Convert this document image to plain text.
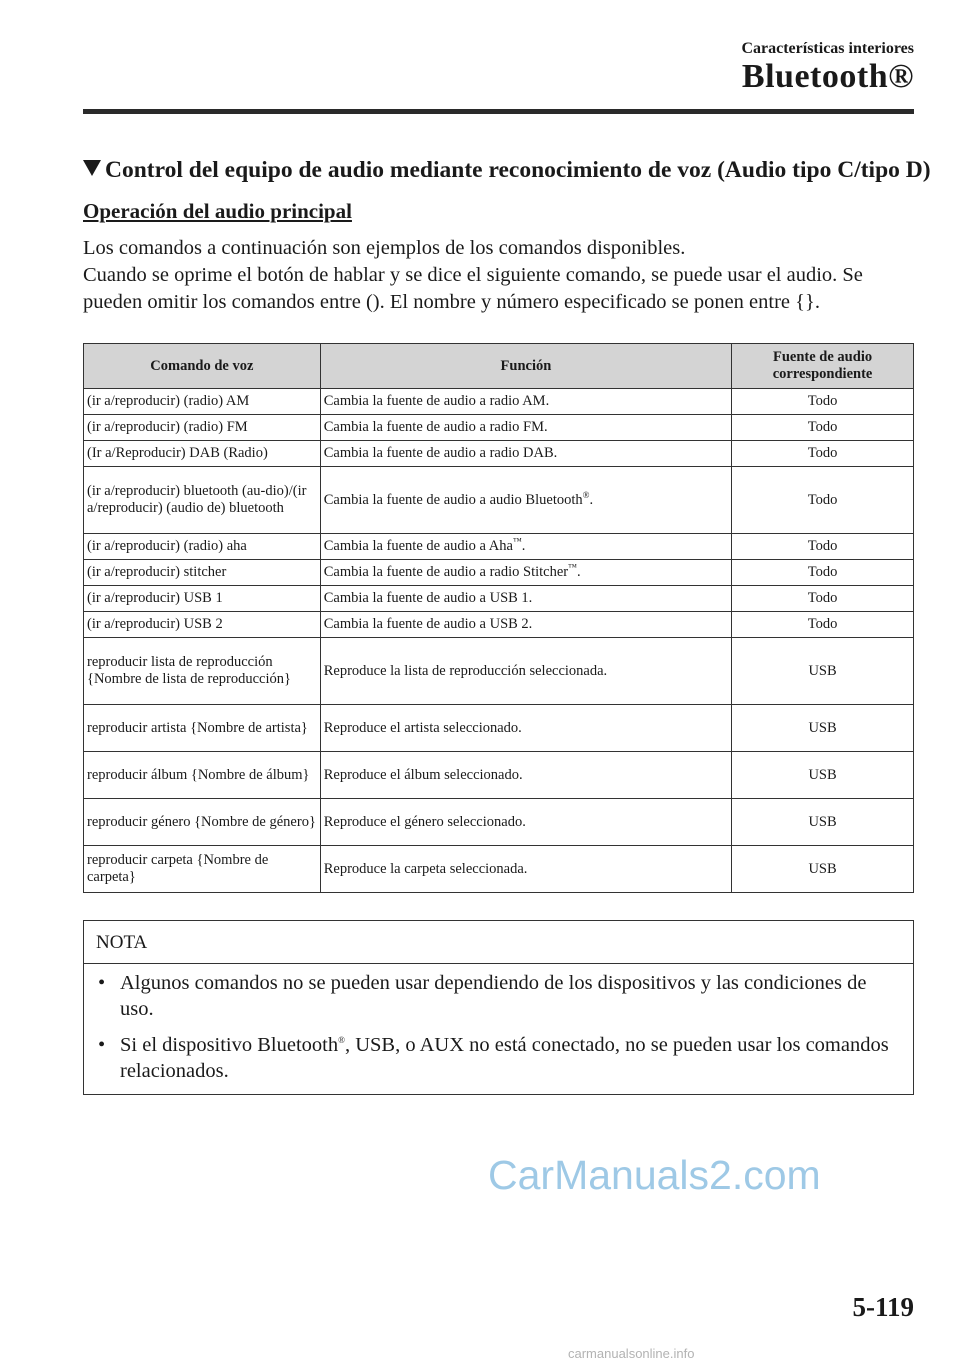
Características interiores
Bluetooth®
Control del equipo de audio mediante reconocimiento de voz (Audio tipo C/tipo D)
Operación del audio principal

Los comandos a continuación son ejemplos de los comandos disponibles.

Cuando se oprime el botón de hablar y se dice el siguiente comando, se puede usar el audio. Se pueden omitir los comandos entre (). El nombre y número especificado se ponen entre {}.

Comando de voz	Función	Fuente de audio correspondiente
(ir a/reproducir) (radio) AM	Cambia la fuente de audio a radio AM.	Todo
(ir a/reproducir) (radio) FM	Cambia la fuente de audio a radio FM.	Todo
(Ir a/Reproducir) DAB (Radio)	Cambia la fuente de audio a radio DAB.	Todo
(ir a/reproducir) bluetooth (au-dio)/(ir a/reproducir) (audio de) bluetooth	Cambia la fuente de audio a audio Bluetooth®.	Todo
(ir a/reproducir) (radio) aha	Cambia la fuente de audio a Aha™.	Todo
(ir a/reproducir) stitcher	Cambia la fuente de audio a radio Stitcher™.	Todo
(ir a/reproducir) USB 1	Cambia la fuente de audio a USB 1.	Todo
(ir a/reproducir) USB 2	Cambia la fuente de audio a USB 2.	Todo
reproducir lista de reproducción {Nombre de lista de reproducción}	Reproduce la lista de reproducción seleccionada.	USB
reproducir artista {Nombre de artista}	Reproduce el artista seleccionado.	USB
reproducir álbum {Nombre de álbum}	Reproduce el álbum seleccionado.	USB
reproducir género {Nombre de género}	Reproduce el género seleccionado.	USB
reproducir carpeta {Nombre de carpeta}	Reproduce la carpeta seleccionada.	USB
NOTA
• Algunos comandos no se pueden usar dependiendo de los dispositivos y las condiciones de uso.
• Si el dispositivo Bluetooth®, USB, o AUX no está conectado, no se pueden usar los comandos relacionados.
CarManuals2.com
5-119
carmanualsonline.info
